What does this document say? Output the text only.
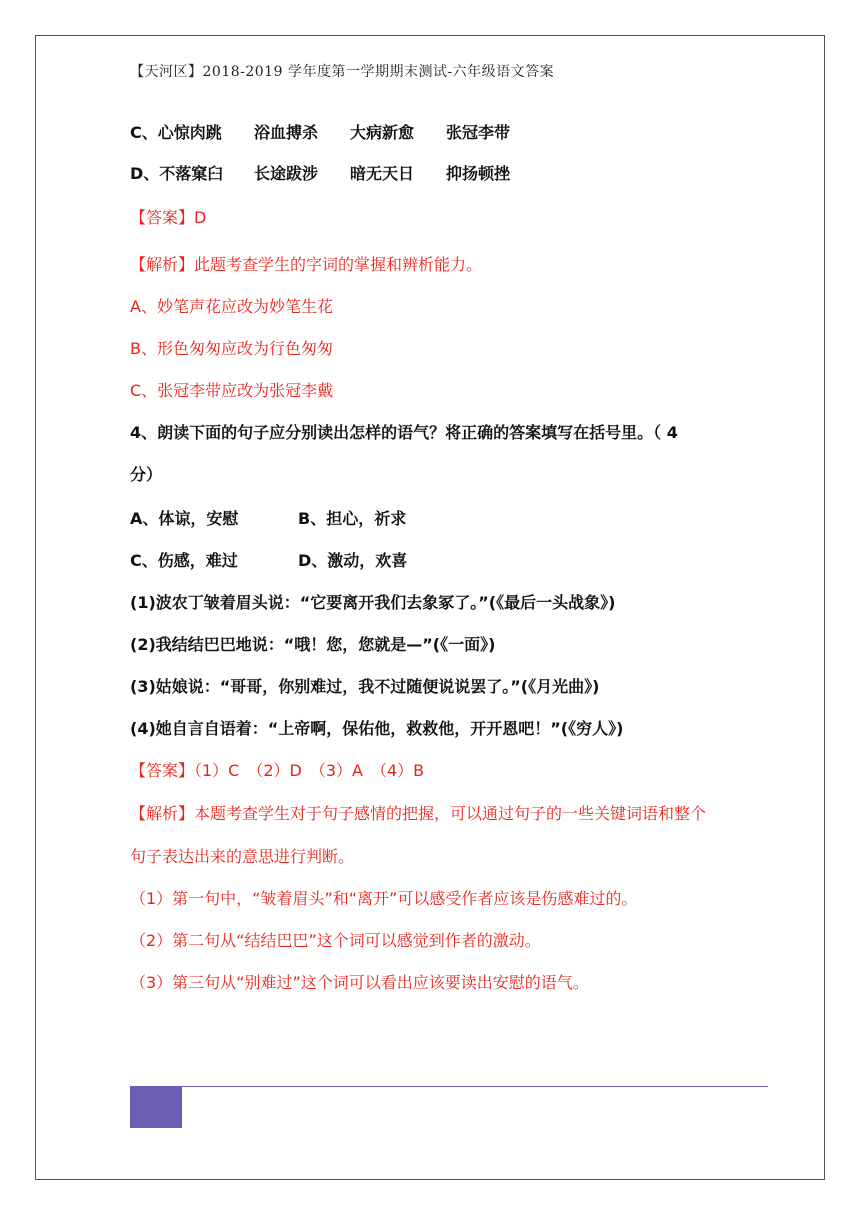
【天河区】2018-2019 学年度第一学期期末测试-六年级语文答案
C、心惊肉跳 浴血搏杀 大病新愈 张冠李带
D、不落窠臼 长途跋涉 暗无天日 抑扬顿挫
【答案】D
【解析】此题考查学生的字词的掌握和辨析能力。
A、妙笔声花应改为妙笔生花
B、形色匆匆应改为行色匆匆
C、张冠李带应改为张冠李戴
4、朗读下面的句子应分别读出怎样的语气？将正确的答案填写在括号里。（ 4
分）
A、体谅，安慰	B、担心，祈求
C、伤感，难过	D、激动，欢喜
(1)波农丁皱着眉头说：“它要离开我们去象冢了。”(《最后一头战象》)
(2)我结结巴巴地说：“哦！您，您就是—”(《一面》)
(3)姑娘说：“哥哥，你别难过，我不过随便说说罢了。”(《月光曲》)
(4)她自言自语着：“上帝啊，保佑他，救救他，开开恩吧！”(《穷人》)
【答案】（1）C　（2）D　（3）A　（4）B
【解析】本题考查学生对于句子感情的把握，可以通过句子的一些关键词语和整个
句子表达出来的意思进行判断。
（1）第一句中，“皱着眉头”和“离开”可以感受作者应该是伤感难过的。
（2）第二句从“结结巴巴”这个词可以感觉到作者的激动。
（3）第三句从“别难过”这个词可以看出应该要读出安慰的语气。
